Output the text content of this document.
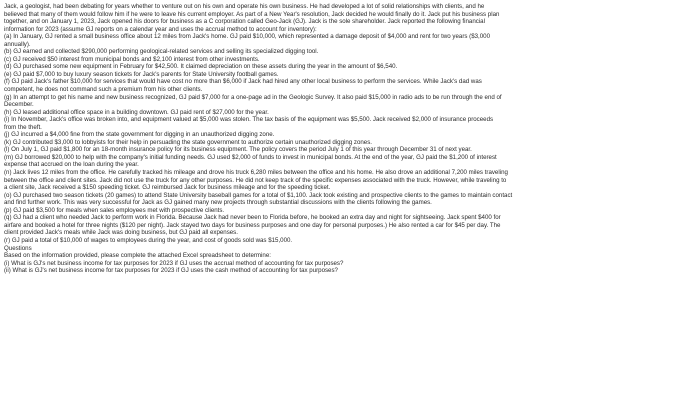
Jack, a geologist, had been debating for years whether to venture out on his own and operate his own business. He had developed a lot of solid relationships with clients, and he
believed that many of them would follow him if he were to leave his current employer. As part of a New Year's resolution, Jack decided he would finally do it. Jack put his business plan
together, and on January 1, 2023, Jack opened his doors for business as a C corporation called Geo-Jack (GJ). Jack is the sole shareholder. Jack reported the following financial
information for 2023 (assume GJ reports on a calendar year and uses the accrual method to account for inventory):
(a) In January, GJ rented a small business office about 12 miles from Jack's home. GJ paid $10,000, which represented a damage deposit of $4,000 and rent for two years ($3,000
annually).
(b) GJ earned and collected $290,000 performing geological-related services and selling its specialized digging tool.
(c) GJ received $50 interest from municipal bonds and $2,100 interest from other investments.
(d) GJ purchased some new equipment in February for $42,500. It claimed depreciation on these assets during the year in the amount of $6,540.
(e) GJ paid $7,000 to buy luxury season tickets for Jack's parents for State University football games.
(f) GJ paid Jack's father $10,000 for services that would have cost no more than $6,000 if Jack had hired any other local business to perform the services. While Jack's dad was
competent, he does not command such a premium from his other clients.
(g) In an attempt to get his name and new business recognized, GJ paid $7,000 for a one-page ad in the Geologic Survey. It also paid $15,000 in radio ads to be run through the end of
December.
(h) GJ leased additional office space in a building downtown. GJ paid rent of $27,000 for the year.
(i) In November, Jack's office was broken into, and equipment valued at $5,000 was stolen. The tax basis of the equipment was $5,500. Jack received $2,000 of insurance proceeds
from the theft.
(j) GJ incurred a $4,000 fine from the state government for digging in an unauthorized digging zone.
(k) GJ contributed $3,000 to lobbyists for their help in persuading the state government to authorize certain unauthorized digging zones.
(l) On July 1, GJ paid $1,800 for an 18-month insurance policy for its business equipment. The policy covers the period July 1 of this year through December 31 of next year.
(m) GJ borrowed $20,000 to help with the company's initial funding needs. GJ used $2,000 of funds to invest in municipal bonds. At the end of the year, GJ paid the $1,200 of interest
expense that accrued on the loan during the year.
(n) Jack lives 12 miles from the office. He carefully tracked his mileage and drove his truck 6,280 miles between the office and his home. He also drove an additional 7,200 miles traveling
between the office and client sites. Jack did not use the truck for any other purposes. He did not keep track of the specific expenses associated with the truck. However, while traveling to
a client site, Jack received a $150 speeding ticket. GJ reimbursed Jack for business mileage and for the speeding ticket.
(o) GJ purchased two season tickets (20 games) to attend State University baseball games for a total of $1,100. Jack took existing and prospective clients to the games to maintain contact
and find further work. This was very successful for Jack as GJ gained many new projects through substantial discussions with the clients following the games.
(p) GJ paid $3,500 for meals when sales employees met with prospective clients.
(q) GJ had a client who needed Jack to perform work in Florida. Because Jack had never been to Florida before, he booked an extra day and night for sightseeing. Jack spent $400 for
airfare and booked a hotel for three nights ($120 per night). Jack stayed two days for business purposes and one day for personal purposes.) He also rented a car for $45 per day. The
client provided Jack's meals while Jack was doing business, but GJ paid all expenses.
(r) GJ paid a total of $10,000 of wages to employees during the year, and cost of goods sold was $15,000.
Questions
Based on the information provided, please complete the attached Excel spreadsheet to determine:
(i) What is GJ's net business income for tax purposes for 2023 if GJ uses the accrual method of accounting for tax purposes?
(ii) What is GJ's net business income for tax purposes for 2023 if GJ uses the cash method of accounting for tax purposes?
